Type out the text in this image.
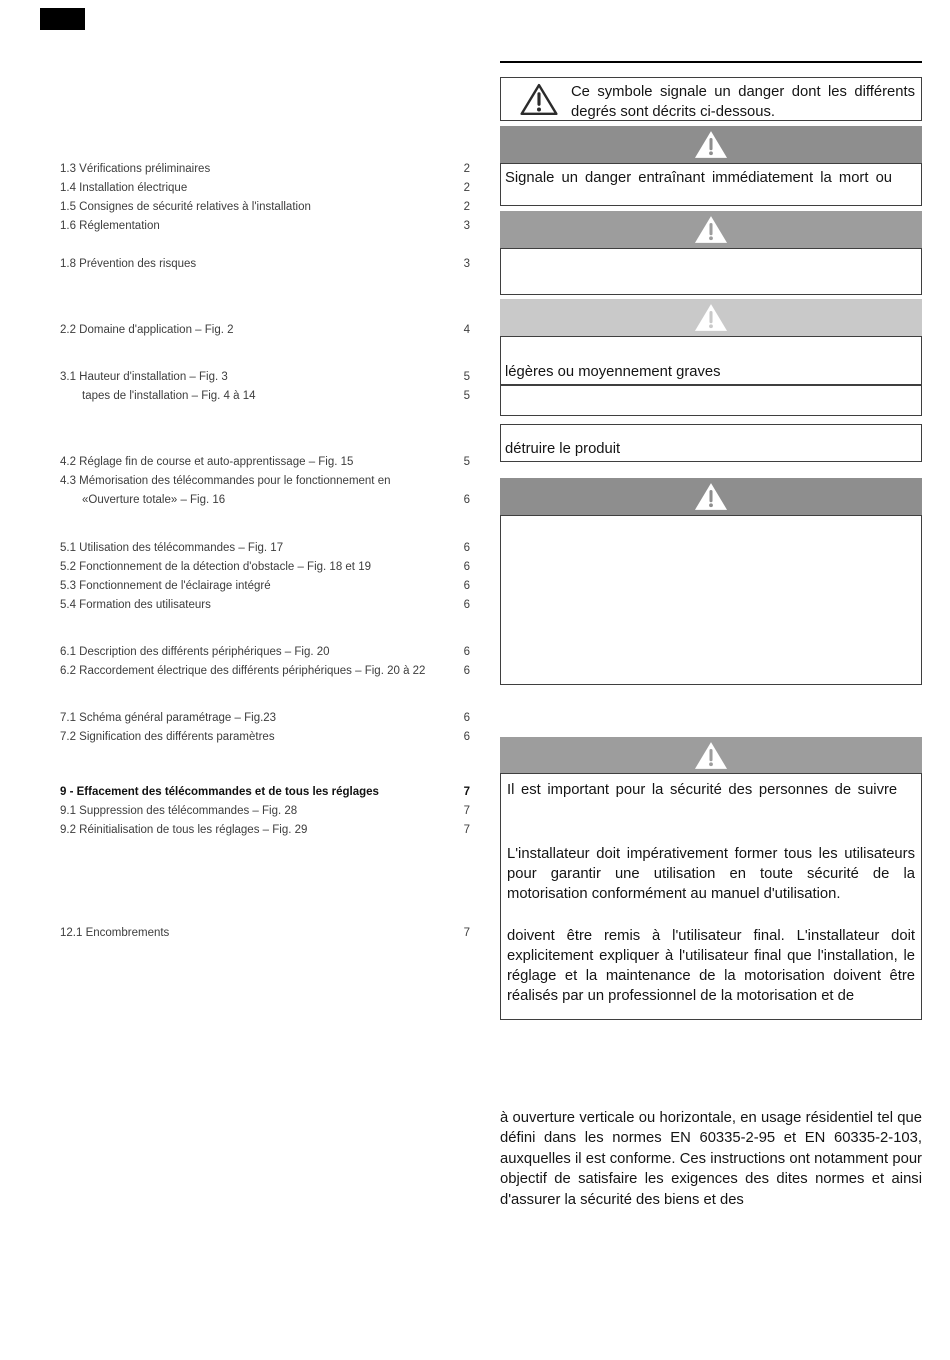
1.3 Vérifications préliminaires	2
1.4 Installation électrique	2
1.5 Consignes de sécurité relatives à l'installation	2
1.6 Réglementation	3
1.8 Prévention des risques	3
2.2 Domaine d'application – Fig. 2	4
3.1 Hauteur d'installation – Fig. 3	5
tapes de l'installation – Fig. 4 à 14	5
4.2 Réglage fin de course et auto-apprentissage – Fig. 15	5
4.3 Mémorisation des télécommandes pour le fonctionnement en «Ouverture totale» – Fig. 16	6
5.1 Utilisation des télécommandes – Fig. 17	6
5.2 Fonctionnement de la détection d'obstacle – Fig. 18 et 19	6
5.3 Fonctionnement de l'éclairage intégré	6
5.4 Formation des utilisateurs	6
6.1 Description des différents périphériques – Fig. 20	6
6.2 Raccordement électrique des différents périphériques – Fig. 20 à 22	6
7.1 Schéma général paramétrage – Fig.23	6
7.2 Signification des différents paramètres	6
9 - Effacement des télécommandes et de tous les réglages	7
9.1 Suppression des télécommandes – Fig. 28	7
9.2 Réinitialisation de tous les réglages – Fig. 29	7
12.1 Encombrements	7
Ce symbole signale un danger dont les différents degrés sont décrits ci-dessous.
Signale un danger entraînant immédiatement la mort ou
légères ou moyennement graves
détruire le produit

Il est important pour la sécurité des personnes de suivre

L'installateur doit impérativement former tous les utilisateurs pour garantir une utilisation en toute sécurité de la motorisation conformément au manuel d'utilisation.

doivent être remis à l'utilisateur final. L'installateur doit explicitement expliquer à l'utilisateur final que l'installation, le réglage et la maintenance de la motorisation doivent être réalisés par un professionnel de la motorisation et de

à ouverture verticale ou horizontale, en usage résidentiel tel que défini dans les normes EN 60335-2-95 et EN 60335-2-103, auxquelles il est conforme. Ces instructions ont notamment pour objectif de satisfaire les exigences des dites normes et ainsi d'assurer la sécurité des biens et des
